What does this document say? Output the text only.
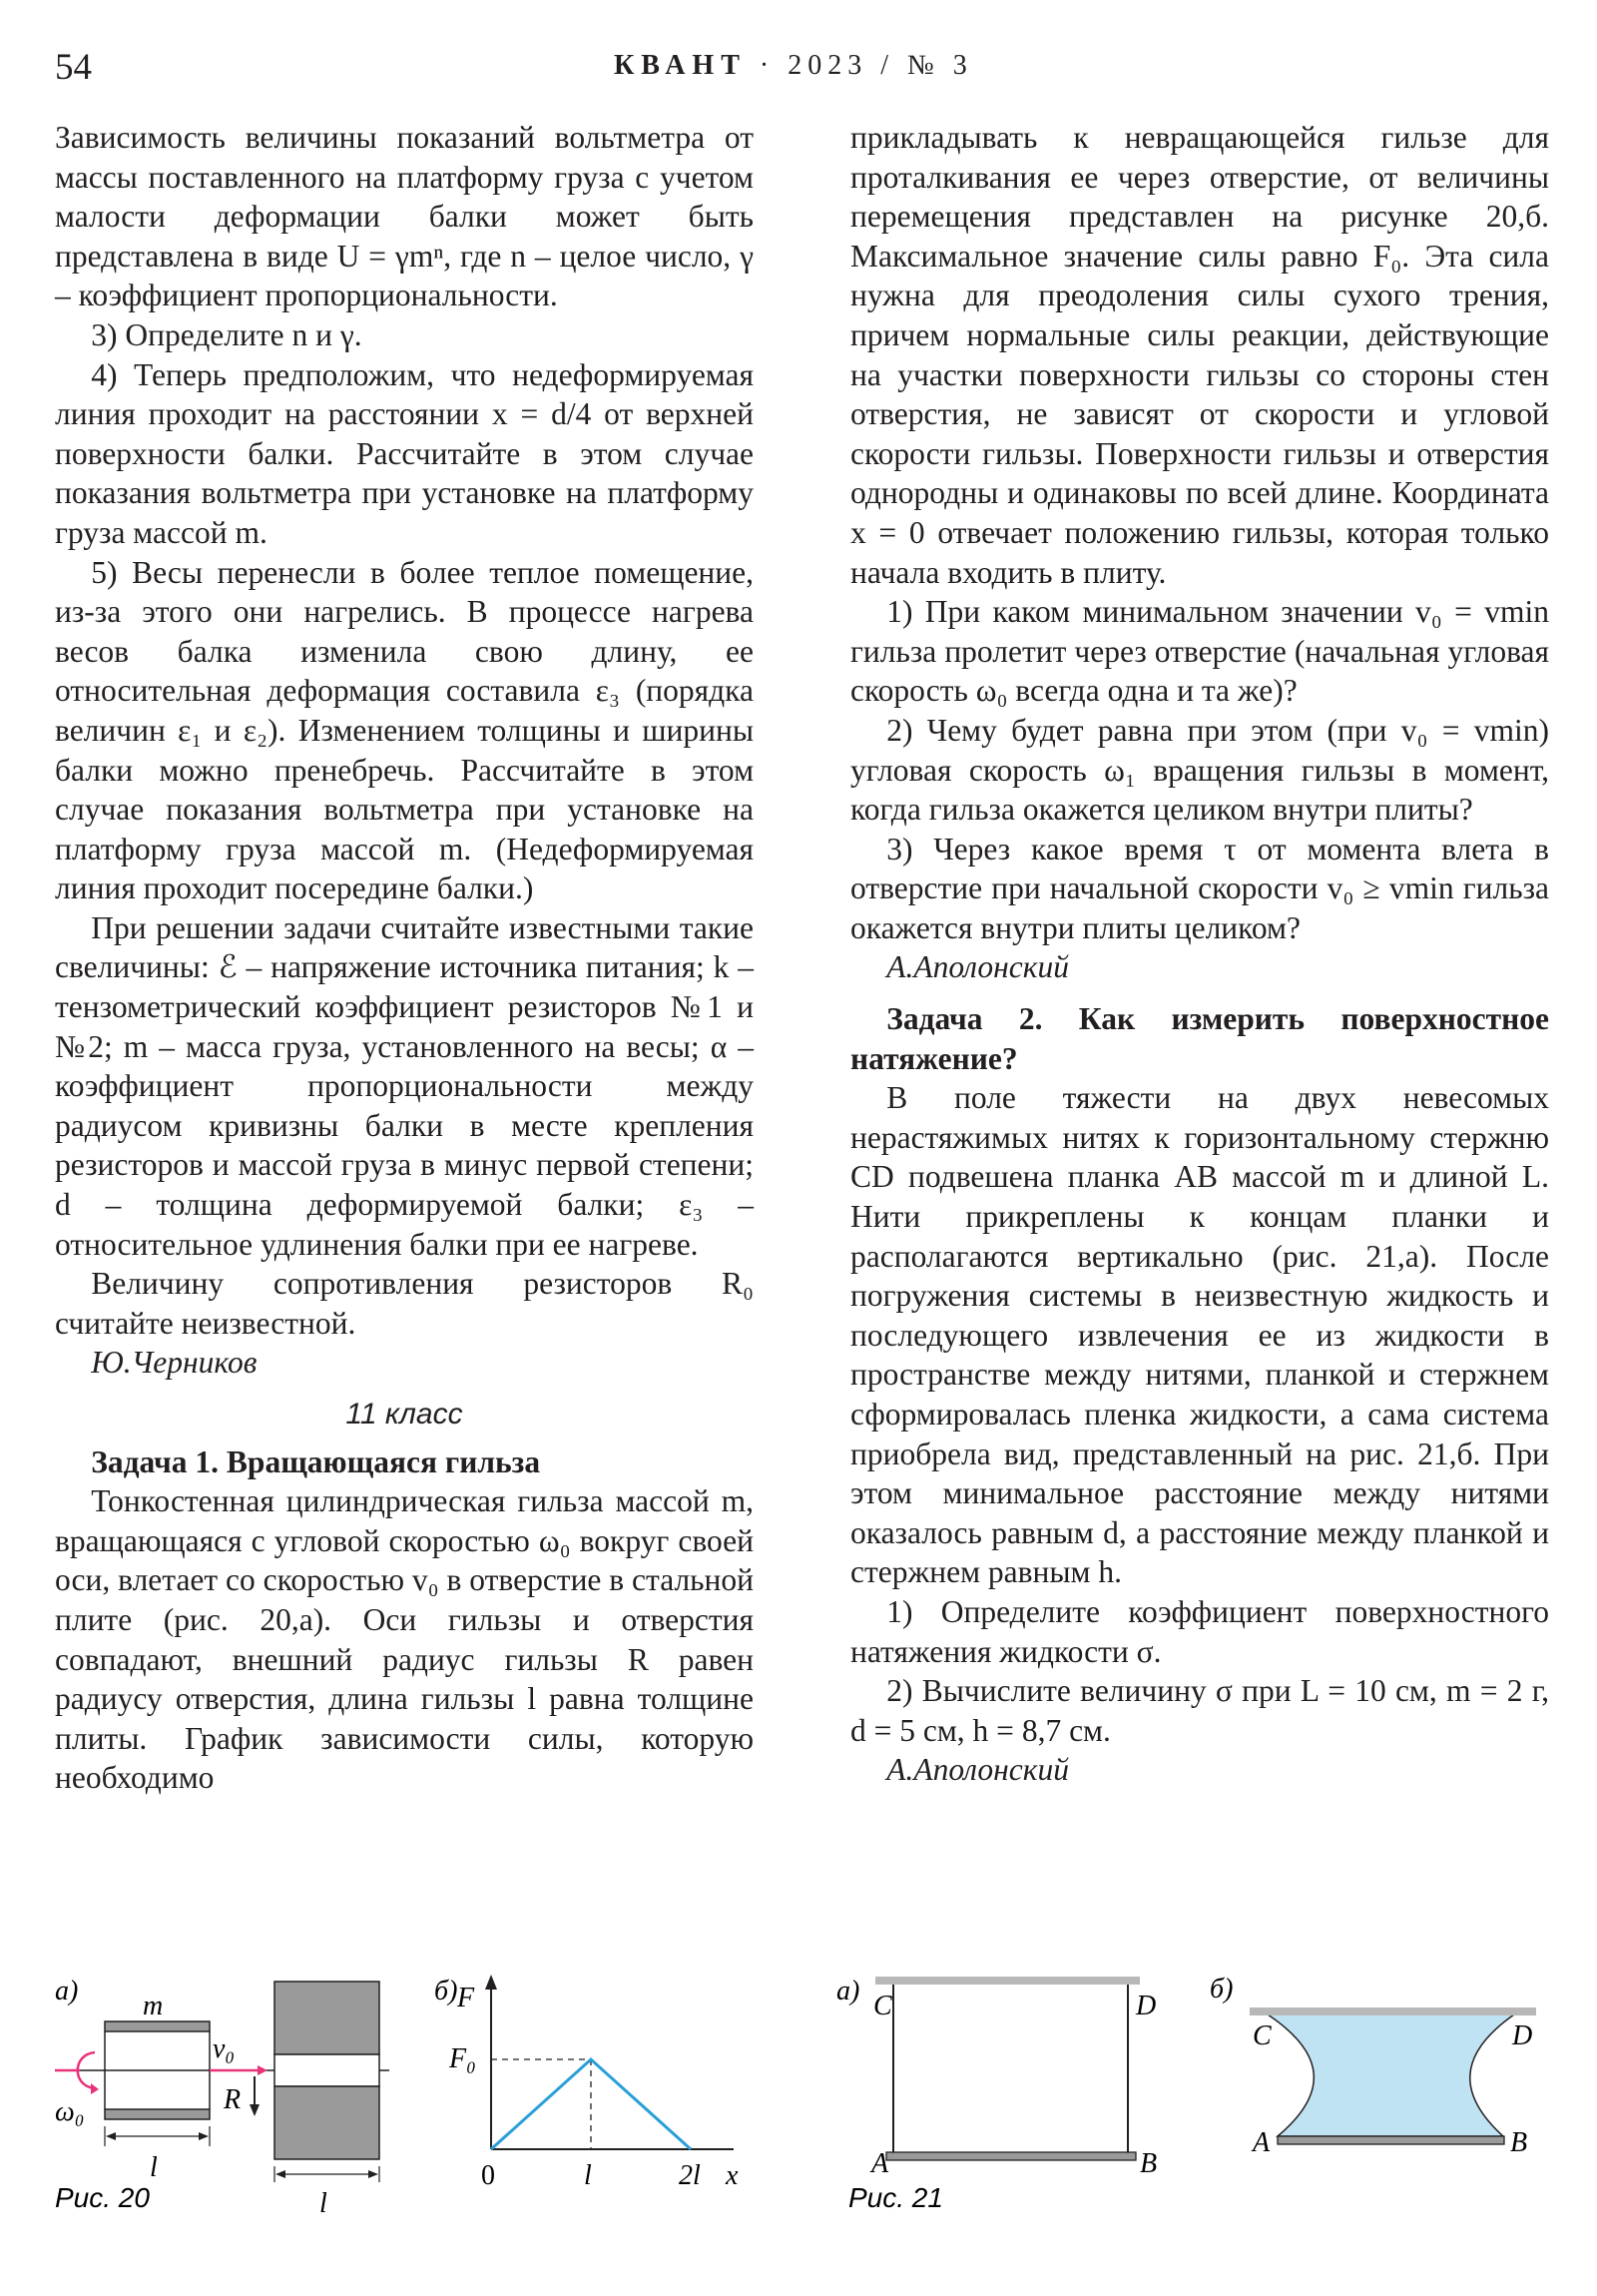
54	КВАНТ · 2023 / № 3

Зависимость величины показаний вольтметра от массы поставленного на платформу груза с учетом малости деформации балки может быть представлена в виде U = γmⁿ, где n – целое число, γ – коэффициент пропорциональности.

3) Определите n и γ.

4) Теперь предположим, что недеформируемая линия проходит на расстоянии x = d/4 от верхней поверхности балки. Рассчитайте в этом случае показания вольтметра при установке на платформу груза массой m.

5) Весы перенесли в более теплое помещение, из-за этого они нагрелись. В процессе нагрева весов балка изменила свою длину, ее относительная деформация составила ε₃ (порядка величин ε₁ и ε₂). Изменением толщины и ширины балки можно пренебречь. Рассчитайте в этом случае показания вольтметра при установке на платформу груза массой m. (Недеформируемая линия проходит посередине балки.)

При решении задачи считайте известными такие свеличины: ℰ – напряжение источника питания; k – тензометрический коэффициент резисторов №1 и №2; m – масса груза, установленного на весы; α – коэффициент пропорциональности между радиусом кривизны балки в месте крепления резисторов и массой груза в минус первой степени; d – толщина деформируемой балки; ε₃ – относительное удлинения балки при ее нагреве.

Величину сопротивления резисторов R₀ считайте неизвестной.

Ю.Черников

11 класс

Задача 1. Вращающаяся гильза

Тонкостенная цилиндрическая гильза массой m, вращающаяся с угловой скоростью ω₀ вокруг своей оси, влетает со скоростью v₀ в отверстие в стальной плите (рис. 20,а). Оси гильзы и отверстия совпадают, внешний радиус гильзы R равен радиусу отверстия, длина гильзы l равна толщине плиты. График зависимости силы, которую необходимо

прикладывать к невращающейся гильзе для проталкивания ее через отверстие, от величины перемещения представлен на рисунке 20,б. Максимальное значение силы равно F₀. Эта сила нужна для преодоления силы сухого трения, причем нормальные силы реакции, действующие на участки поверхности гильзы со стороны стен отверстия, не зависят от скорости и угловой скорости гильзы. Поверхности гильзы и отверстия однородны и одинаковы по всей длине. Координата x = 0 отвечает положению гильзы, которая только начала входить в плиту.

1) При каком минимальном значении v₀ = vmin гильза пролетит через отверстие (начальная угловая скорость ω₀ всегда одна и та же)?

2) Чему будет равна при этом (при v₀ = vmin) угловая скорость ω₁ вращения гильзы в момент, когда гильза окажется целиком внутри плиты?

3) Через какое время τ от момента влета в отверстие при начальной скорости v₀ ≥ vmin гильза окажется внутри плиты целиком?

А.Аполонский

Задача 2. Как измерить поверхностное натяжение?

В поле тяжести на двух невесомых нерастяжимых нитях к горизонтальному стержню CD подвешена планка AB массой m и длиной L. Нити прикреплены к концам планки и располагаются вертикально (рис. 21,а). После погружения системы в неизвестную жидкость и последующего извлечения ее из жидкости в пространстве между нитями, планкой и стержнем сформировалась пленка жидкости, а сама система приобрела вид, представленный на рис. 21,б. При этом минимальное расстояние между нитями оказалось равным d, а расстояние между планкой и стержнем равным h.

1) Определите коэффициент поверхностного натяжения жидкости σ.

2) Вычислите величину σ при L = 10 см, m = 2 г, d = 5 см, h = 8,7 см.

А.Аполонский

а) m
v₀
ω₀	R
l
l
Рис. 20
б) F
x
0	l	2l
F₀
а) C	D
A	B
Рис. 21
б)
C	D
A	B
